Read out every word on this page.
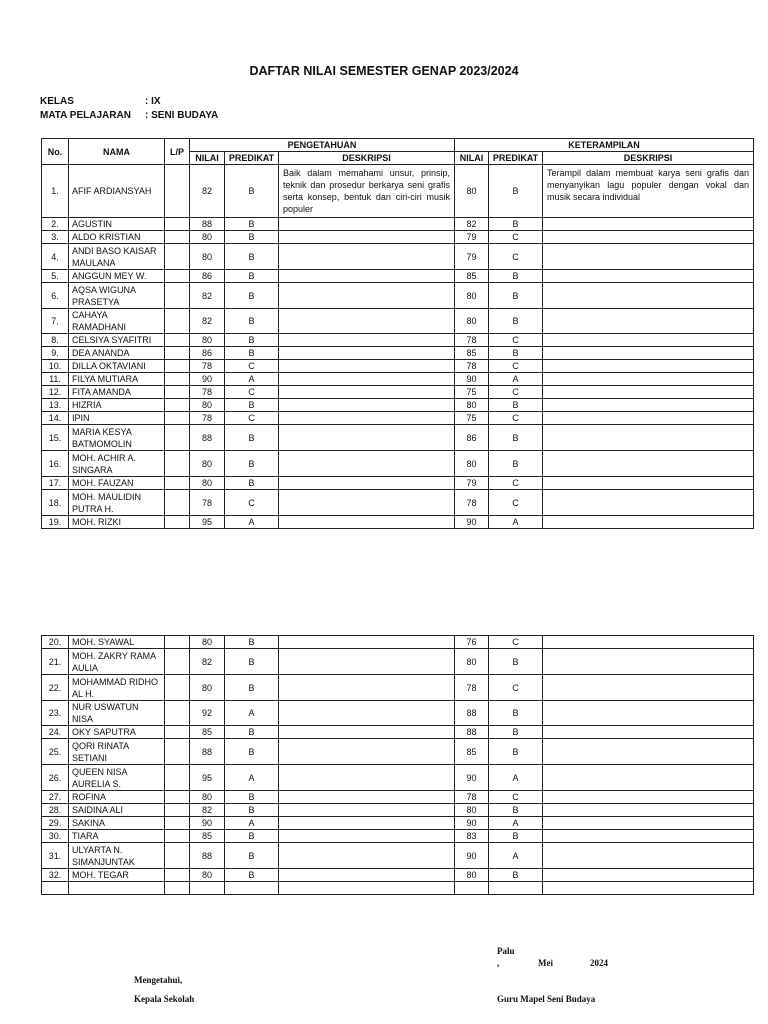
DAFTAR NILAI SEMESTER GENAP 2023/2024
KELAS	: IX
MATA PELAJARAN : SENI BUDAYA
No.	NAMA	L/P	PENGETAHUAN			KETERAMPILAN		
			NILAI	PREDIKAT	DESKRIPSI	NILAI	PREDIKAT	DESKRIPSI
1.	AFIF ARDIANSYAH		82	B	Baik dalam memahami unsur, prinsip, teknik dan prosedur berkarya seni grafis serta konsep, bentuk dan ciri-ciri musik populer	80	B	Terampil dalam membuat karya seni grafis dan menyanyikan lagu populer dengan vokal dan musik secara individual
2.	AGUSTIN		88	B		82	B	
3.	ALDO KRISTIAN		80	B		79	C	
4.	ANDI BASO KAISAR MAULANA		80	B		79	C	
5.	ANGGUN MEY W.		86	B		85	B	
6.	AQSA WIGUNA PRASETYA		82	B		80	B	
7.	CAHAYA RAMADHANI		82	B		80	B	
8.	CELSIYA SYAFITRI		80	B		78	C	
9.	DEA ANANDA		86	B		85	B	
10.	DILLA OKTAVIANI		78	C		78	C	
11.	FILYA MUTIARA		90	A		90	A	
12.	FITA AMANDA		78	C		75	C	
13.	HIZRIA		80	B		80	B	
14.	IPIN		78	C		75	C	
15.	MARIA KESYA BATMOMOLIN		88	B		86	B	
16.	MOH. ACHIR A. SINGARA		80	B		80	B	
17.	MOH. FAUZAN		80	B		79	C	
18.	MOH. MAULIDIN PUTRA H.		78	C		78	C	
19.	MOH. RIZKI		95	A		90	A	
20.	MOH. SYAWAL		80	B		76	C	
21.	MOH. ZAKRY RAMA AULIA		82	B		80	B	
22.	MOHAMMAD RIDHO AL H.		80	B		78	C	
23.	NUR USWATUN NISA		92	A		88	B	
24.	OKY SAPUTRA		85	B		88	B	
25.	QORI RINATA SETIANI		88	B		85	B	
26.	QUEEN NISA AURELIA S.		95	A		90	A	
27.	ROFINA		80	B		78	C	
28.	SAIDINA ALI		82	B		80	B	
29.	SAKINA		90	A		90	A	
30.	TIARA		85	B		83	B	
31.	ULYARTA N. SIMANJUNTAK		88	B		90	A	
32.	MOH. TEGAR		80	B		80	B	

Palu
,	Mei	2024
Mengetahui,
Kepala Sekolah	Guru Mapel Seni Budaya
